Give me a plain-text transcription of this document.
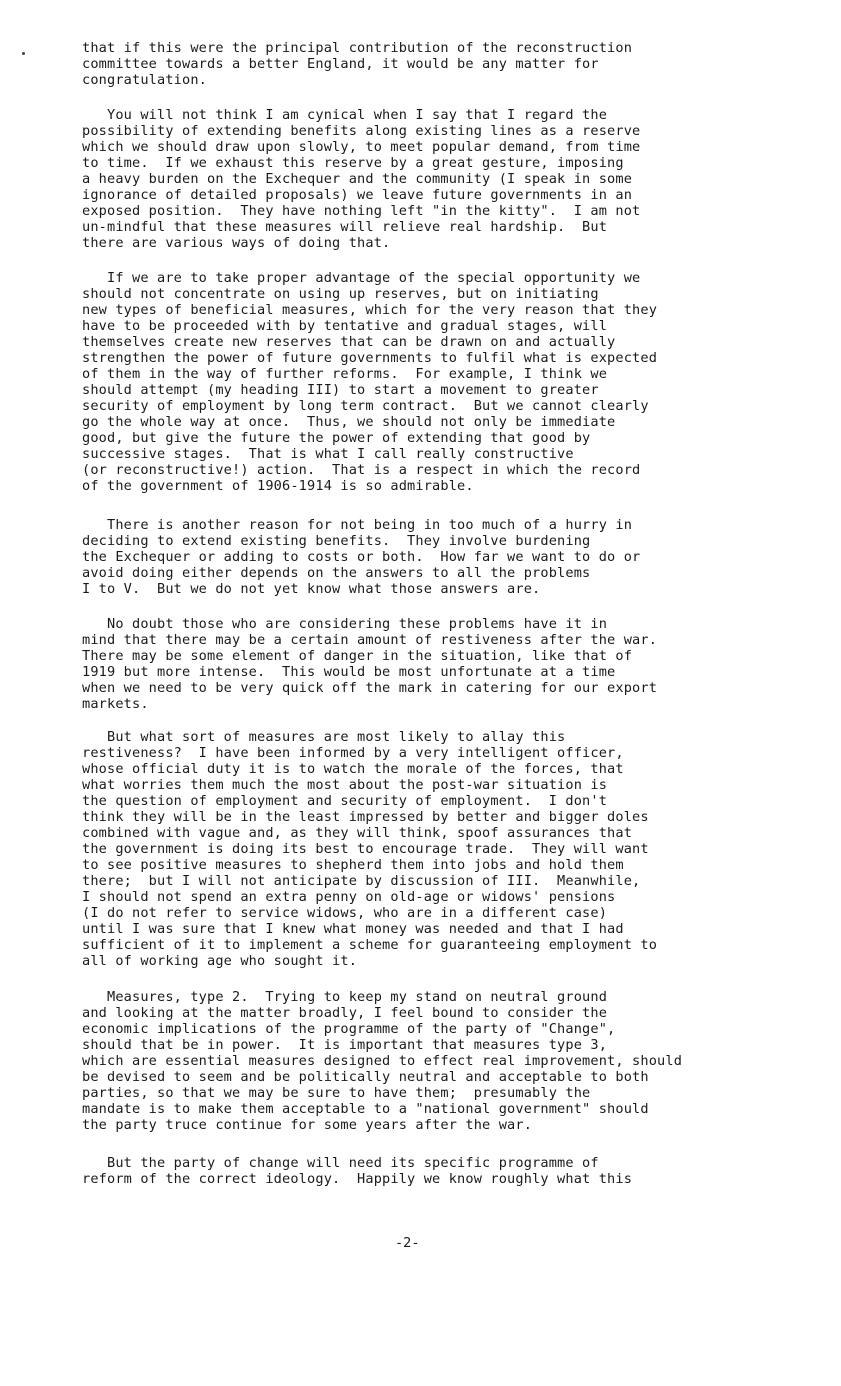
that if this were the principal contribution of the reconstruction
committee towards a better England, it would be any matter for
congratulation.
You will not think I am cynical when I say that I regard the
possibility of extending benefits along existing lines as a reserve
which we should draw upon slowly, to meet popular demand, from time
to time.  If we exhaust this reserve by a great gesture, imposing
a heavy burden on the Exchequer and the community (I speak in some
ignorance of detailed proposals) we leave future governments in an
exposed position.  They have nothing left "in the kitty".  I am not
un-mindful that these measures will relieve real hardship.  But
there are various ways of doing that.
If we are to take proper advantage of the special opportunity we
should not concentrate on using up reserves, but on initiating
new types of beneficial measures, which for the very reason that they
have to be proceeded with by tentative and gradual stages, will
themselves create new reserves that can be drawn on and actually
strengthen the power of future governments to fulfil what is expected
of them in the way of further reforms.  For example, I think we
should attempt (my heading III) to start a movement to greater
security of employment by long term contract.  But we cannot clearly
go the whole way at once.  Thus, we should not only be immediate
good, but give the future the power of extending that good by
successive stages.  That is what I call really constructive
(or reconstructive!) action.  That is a respect in which the record
of the government of 1906-1914 is so admirable.
There is another reason for not being in too much of a hurry in
deciding to extend existing benefits.  They involve burdening
the Exchequer or adding to costs or both.  How far we want to do or
avoid doing either depends on the answers to all the problems
I to V.  But we do not yet know what those answers are.
No doubt those who are considering these problems have it in
mind that there may be a certain amount of restiveness after the war.
There may be some element of danger in the situation, like that of
1919 but more intense.  This would be most unfortunate at a time
when we need to be very quick off the mark in catering for our export
markets.
But what sort of measures are most likely to allay this
restiveness?  I have been informed by a very intelligent officer,
whose official duty it is to watch the morale of the forces, that
what worries them much the most about the post-war situation is
the question of employment and security of employment.  I don't
think they will be in the least impressed by better and bigger doles
combined with vague and, as they will think, spoof assurances that
the government is doing its best to encourage trade.  They will want
to see positive measures to shepherd them into jobs and hold them
there;  but I will not anticipate by discussion of III.  Meanwhile,
I should not spend an extra penny on old-age or widows' pensions
(I do not refer to service widows, who are in a different case)
until I was sure that I knew what money was needed and that I had
sufficient of it to implement a scheme for guaranteeing employment to
all of working age who sought it.
Measures, type 2.  Trying to keep my stand on neutral ground
and looking at the matter broadly, I feel bound to consider the
economic implications of the programme of the party of "Change",
should that be in power.  It is important that measures type 3,
which are essential measures designed to effect real improvement, should
be devised to seem and be politically neutral and acceptable to both
parties, so that we may be sure to have them;  presumably the
mandate is to make them acceptable to a "national government" should
the party truce continue for some years after the war.
But the party of change will need its specific programme of
reform of the correct ideology.  Happily we know roughly what this
-2-
